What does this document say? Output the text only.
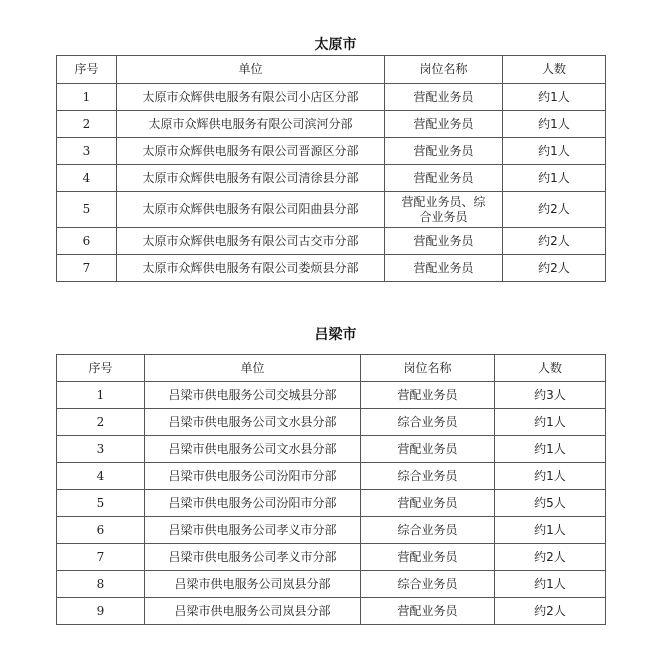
太原市
序号	单位	岗位名称	人数
1	太原市众辉供电服务有限公司小店区分部	营配业务员	约1人
2	太原市众辉供电服务有限公司滨河分部	营配业务员	约1人
3	太原市众辉供电服务有限公司晋源区分部	营配业务员	约1人
4	太原市众辉供电服务有限公司清徐县分部	营配业务员	约1人
5	太原市众辉供电服务有限公司阳曲县分部	营配业务员、综合业务员	约2人
6	太原市众辉供电服务有限公司古交市分部	营配业务员	约2人
7	太原市众辉供电服务有限公司娄烦县分部	营配业务员	约2人
吕梁市
序号	单位	岗位名称	人数
1	吕梁市供电服务公司交城县分部	营配业务员	约3人
2	吕梁市供电服务公司文水县分部	综合业务员	约1人
3	吕梁市供电服务公司文水县分部	营配业务员	约1人
4	吕梁市供电服务公司汾阳市分部	综合业务员	约1人
5	吕梁市供电服务公司汾阳市分部	营配业务员	约5人
6	吕梁市供电服务公司孝义市分部	综合业务员	约1人
7	吕梁市供电服务公司孝义市分部	营配业务员	约2人
8	吕梁市供电服务公司岚县分部	综合业务员	约1人
9	吕梁市供电服务公司岚县分部	营配业务员	约2人
